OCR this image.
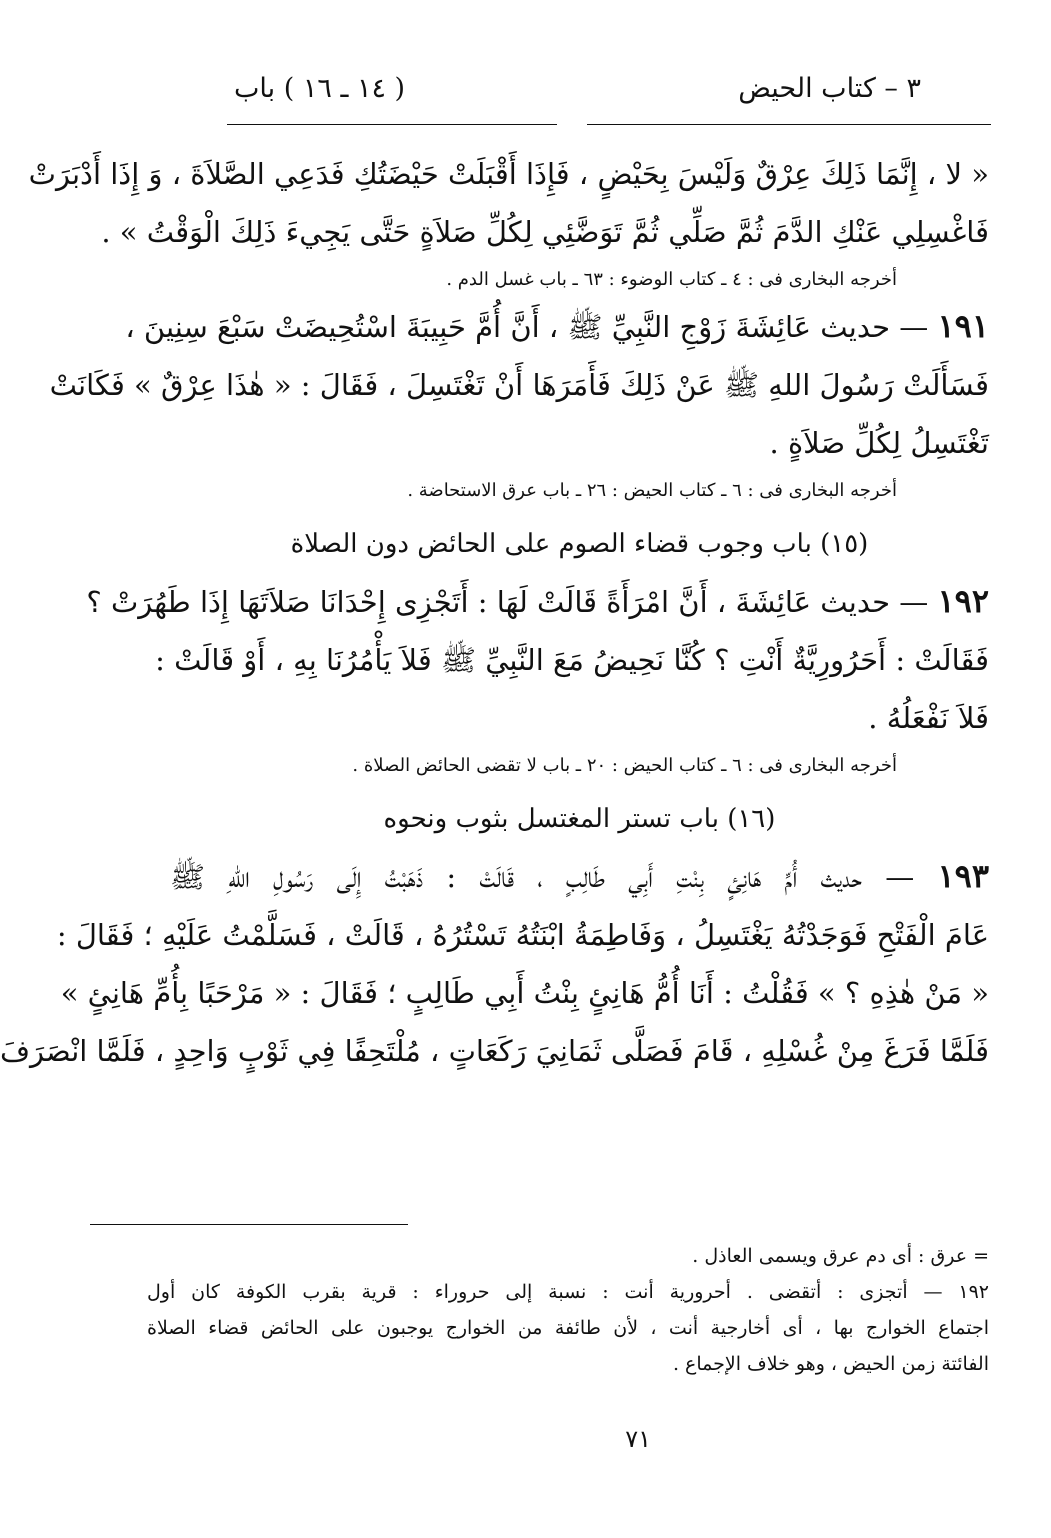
٣ – كتاب الحيض
( ١٤ ـ ١٦ ) باب
« لا ، إِنَّمَا ذَلِكَ عِرْقٌ وَلَيْسَ بِحَيْضٍ ، فَإِذَا أَقْبَلَتْ حَيْضَتُكِ فَدَعِي الصَّلاَةَ ، وَ إِذَا أَدْبَرَتْ
فَاغْسِلِي عَنْكِ الدَّمَ ثُمَّ صَلِّي ثُمَّ تَوَضَّئِي لِكُلِّ صَلاَةٍ حَتَّى يَجِيءَ ذَلِكَ الْوَقْتُ » .
أخرجه البخارى فى : ٤ ـ كتاب الوضوء : ٦٣ ـ باب غسل الدم .
١٩١ — حديث عَائِشَةَ زَوْجِ النَّبِيِّ ﷺ ، أَنَّ أُمَّ حَبِيبَةَ اسْتُحِيضَتْ سَبْعَ سِنِينَ ،
فَسَأَلَتْ رَسُولَ اللهِ ﷺ عَنْ ذَلِكَ فَأَمَرَهَا أَنْ تَغْتَسِلَ ، فَقَالَ : « هٰذَا عِرْقٌ » فَكَانَتْ
تَغْتَسِلُ لِكُلِّ صَلاَةٍ .
أخرجه البخارى فى : ٦ ـ كتاب الحيض : ٢٦ ـ باب عرق الاستحاضة .
(١٥) باب وجوب قضاء الصوم على الحائض دون الصلاة
١٩٢ — حديث عَائِشَةَ ، أَنَّ امْرَأَةً قَالَتْ لَهَا : أَتَجْزِى إِحْدَانَا صَلاَتَهَا إِذَا طَهُرَتْ ؟
فَقَالَتْ : أَحَرُورِيَّةٌ أَنْتِ ؟ كُنَّا نَحِيضُ مَعَ النَّبِيِّ ﷺ فَلاَ يَأْمُرُنَا بِهِ ، أَوْ قَالَتْ :
فَلاَ نَفْعَلُهُ .
أخرجه البخارى فى : ٦ ـ كتاب الحيض : ٢٠ ـ باب لا تقضى الحائض الصلاة .
(١٦) باب تستر المغتسل بثوب ونحوه
١٩٣ — حديث أُمِّ هَانِئٍ بِنْتِ أَبِي طَالِبٍ ، قَالَتْ : ذَهَبْتُ إِلَى رَسُولِ اللهِ ﷺ
عَامَ الْفَتْحِ فَوَجَدْتُهُ يَغْتَسِلُ ، وَفَاطِمَةُ ابْنَتُهُ تَسْتُرُهُ ، قَالَتْ ، فَسَلَّمْتُ عَلَيْهِ ؛ فَقَالَ :
« مَنْ هٰذِهِ ؟ » فَقُلْتُ : أَنَا أُمُّ هَانِئٍ بِنْتُ أَبِي طَالِبٍ ؛ فَقَالَ : « مَرْحَبًا بِأُمِّ هَانِئٍ »
فَلَمَّا فَرَغَ مِنْ غُسْلِهِ ، قَامَ فَصَلَّى ثَمَانِيَ رَكَعَاتٍ ، مُلْتَحِفًا فِي ثَوْبٍ وَاحِدٍ ، فَلَمَّا انْصَرَفَ
= عرق : أى دم عرق ويسمى العاذل .
١٩٢ — أتجزى : أتقضى . أحرورية أنت : نسبة إلى حروراء : قرية بقرب الكوفة كان أول
اجتماع الخوارج بها ، أى أخارجية أنت ، لأن طائفة من الخوارج يوجبون على الحائض قضاء الصلاة
الفائتة زمن الحيض ، وهو خلاف الإجماع .
٧١
